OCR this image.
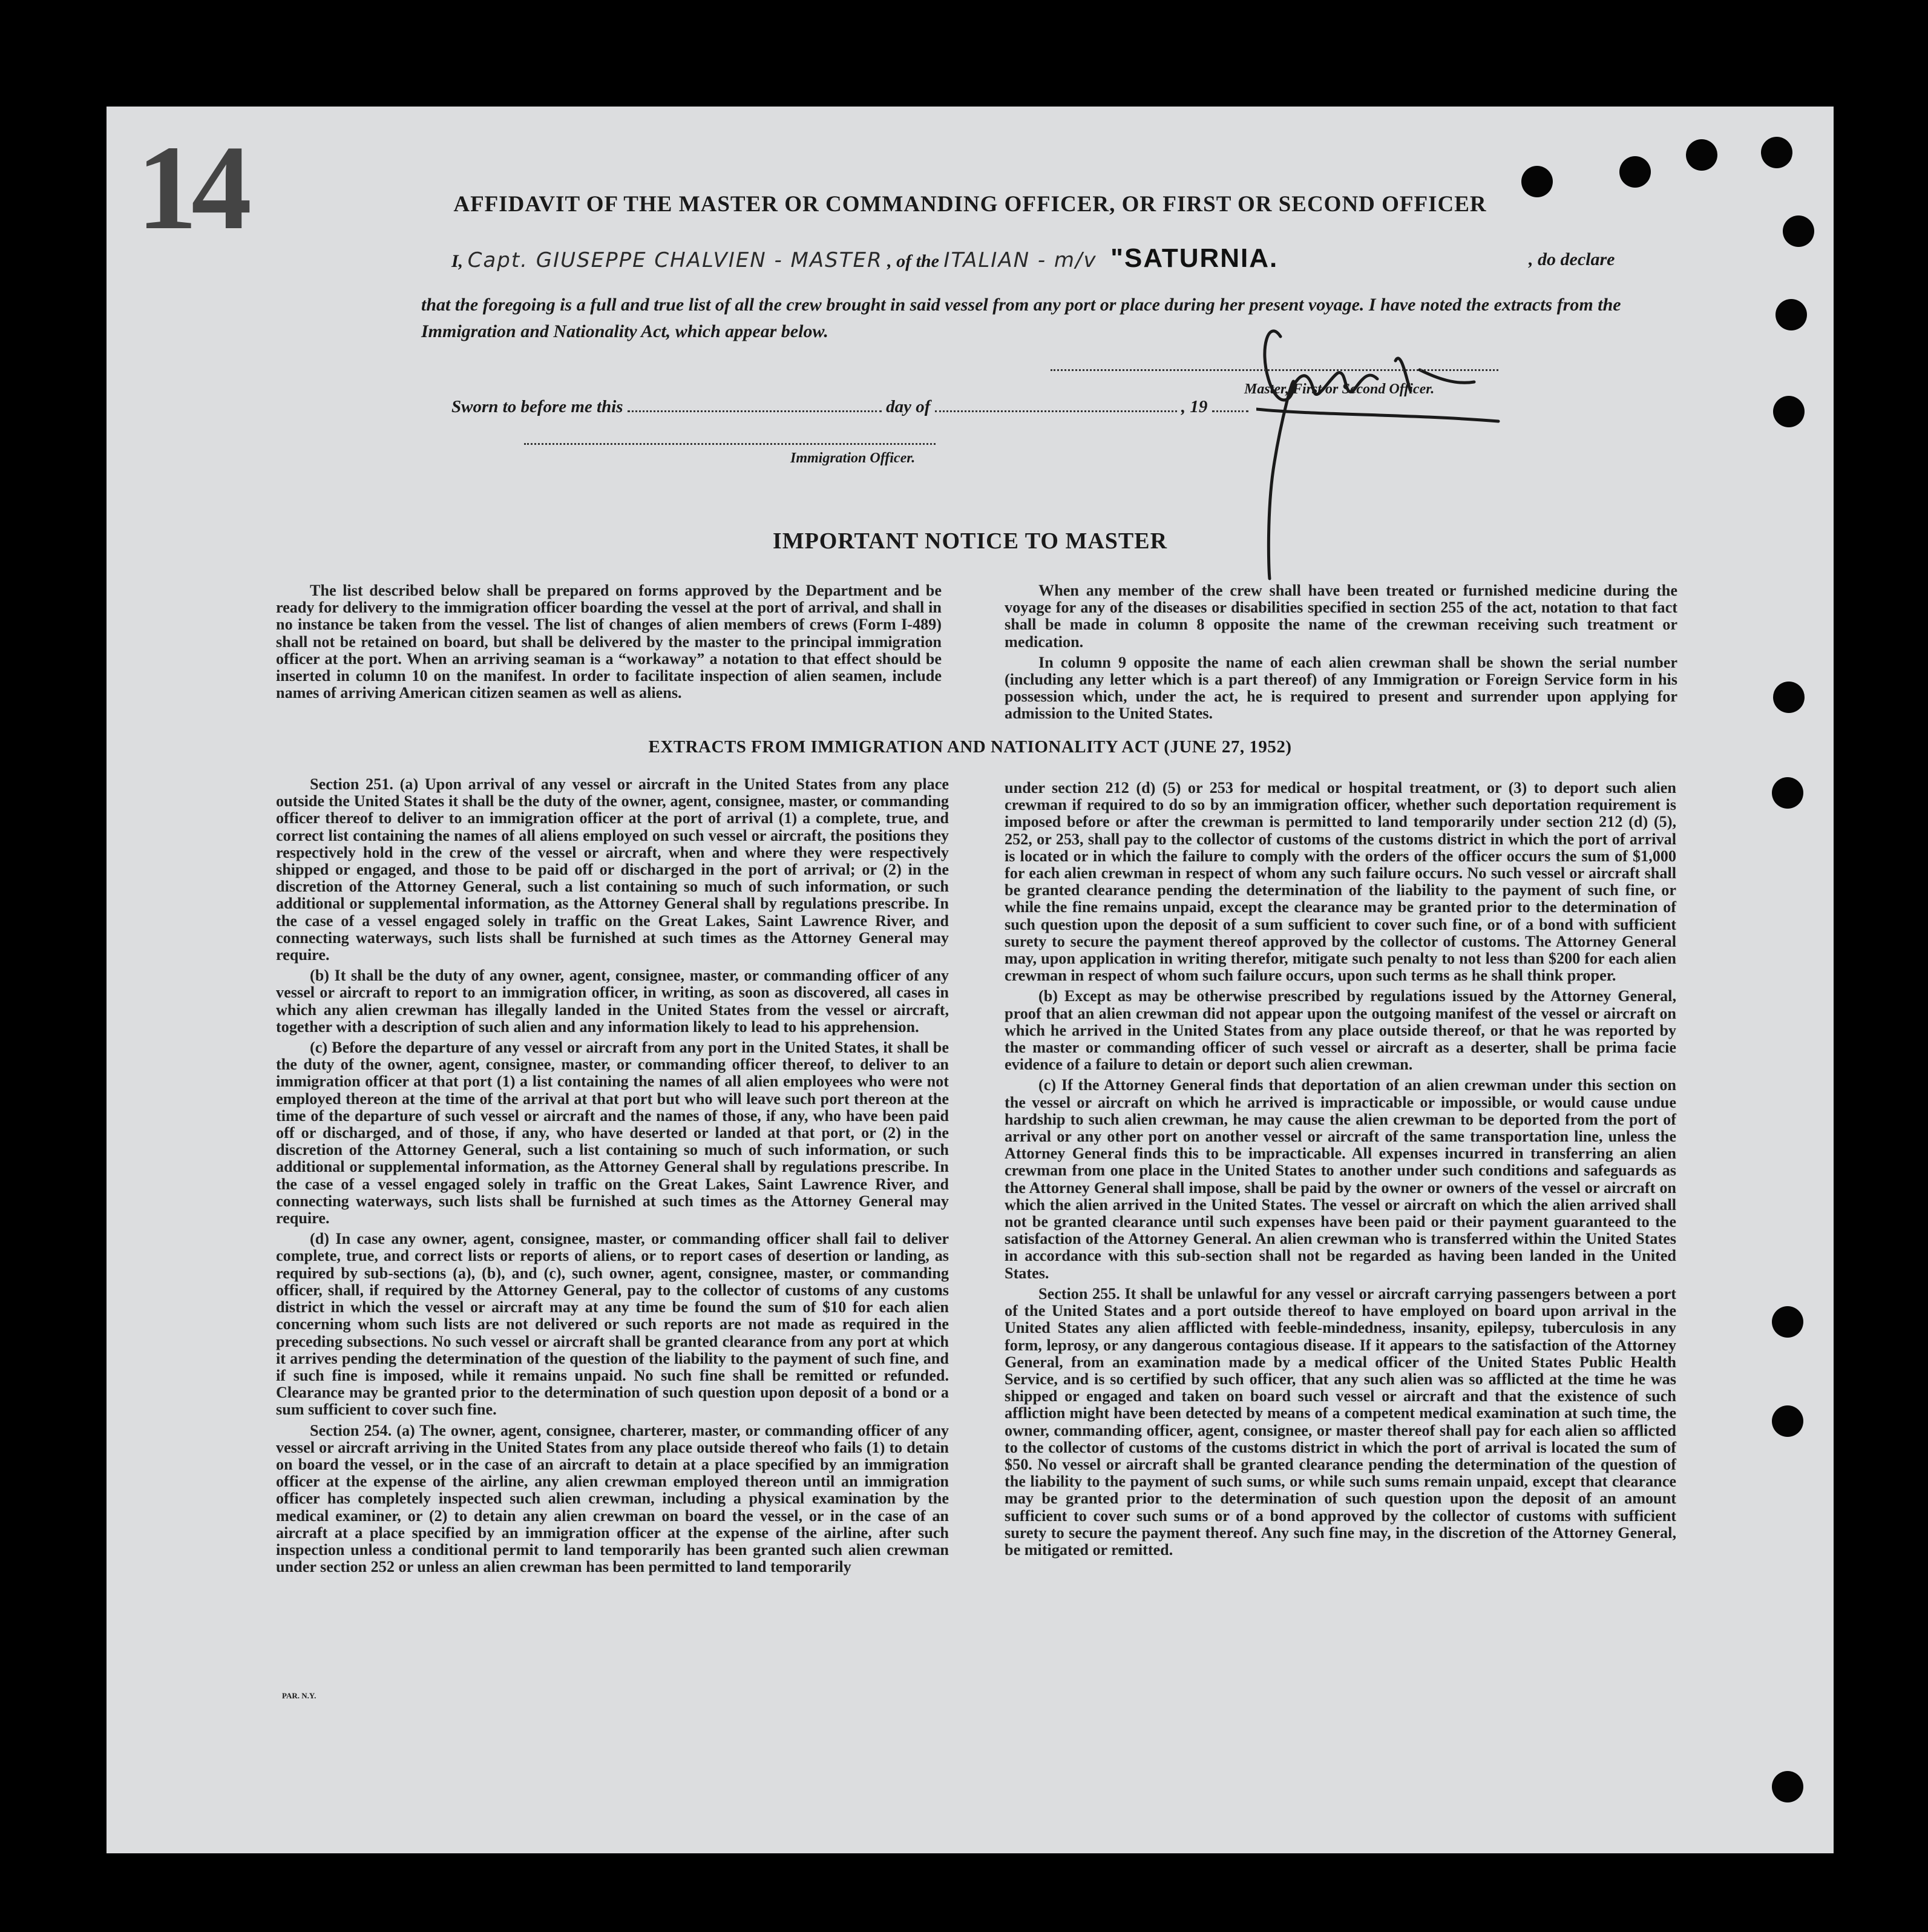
14	AFFIDAVIT OF THE MASTER OR COMMANDING OFFICER, OR FIRST OR SECOND OFFICER
I, Capt. GIUSEPPE CHALVIEN - MASTER , of the ITALIAN - m/v "SATURNIA.	, do declare
that the foregoing is a full and true list of all the crew brought in said vessel from any port or place during her present voyage. I have noted the extracts from the Immigration and Nationality Act, which appear below.
Master, First or Second Officer.
Sworn to before me this	day of	, 19
Immigration Officer.
IMPORTANT NOTICE TO MASTER

The list described below shall be prepared on forms approved by the Department and be ready for delivery to the immigration officer boarding the vessel at the port of arrival, and shall in no instance be taken from the vessel. The list of changes of alien members of crews (Form I-489) shall not be retained on board, but shall be delivered by the master to the principal immigration officer at the port. When an arriving seaman is a “workaway” a notation to that effect should be inserted in column 10 on the manifest. In order to facilitate inspection of alien seamen, include names of arriving American citizen seamen as well as aliens.

When any member of the crew shall have been treated or furnished medicine during the voyage for any of the diseases or disabilities specified in section 255 of the act, notation to that fact shall be made in column 8 opposite the name of the crewman receiving such treatment or medication.

In column 9 opposite the name of each alien crewman shall be shown the serial number (including any letter which is a part thereof) of any Immigration or Foreign Service form in his possession which, under the act, he is required to present and surrender upon applying for admission to the United States.

EXTRACTS FROM IMMIGRATION AND NATIONALITY ACT (JUNE 27, 1952)

Section 251. (a) Upon arrival of any vessel or aircraft in the United States from any place outside the United States it shall be the duty of the owner, agent, consignee, master, or commanding officer thereof to deliver to an immigration officer at the port of arrival (1) a complete, true, and correct list containing the names of all aliens employed on such vessel or aircraft, the positions they respectively hold in the crew of the vessel or aircraft, when and where they were respectively shipped or engaged, and those to be paid off or discharged in the port of arrival; or (2) in the discretion of the Attorney General, such a list containing so much of such information, or such additional or supplemental information, as the Attorney General shall by regulations prescribe. In the case of a vessel engaged solely in traffic on the Great Lakes, Saint Lawrence River, and connecting waterways, such lists shall be furnished at such times as the Attorney General may require.

(b) It shall be the duty of any owner, agent, consignee, master, or commanding officer of any vessel or aircraft to report to an immigration officer, in writing, as soon as discovered, all cases in which any alien crewman has illegally landed in the United States from the vessel or aircraft, together with a description of such alien and any information likely to lead to his apprehension.

(c) Before the departure of any vessel or aircraft from any port in the United States, it shall be the duty of the owner, agent, consignee, master, or commanding officer thereof, to deliver to an immigration officer at that port (1) a list containing the names of all alien employees who were not employed thereon at the time of the arrival at that port but who will leave such port thereon at the time of the departure of such vessel or aircraft and the names of those, if any, who have been paid off or discharged, and of those, if any, who have deserted or landed at that port, or (2) in the discretion of the Attorney General, such a list containing so much of such information, or such additional or supplemental information, as the Attorney General shall by regulations prescribe. In the case of a vessel engaged solely in traffic on the Great Lakes, Saint Lawrence River, and connecting waterways, such lists shall be furnished at such times as the Attorney General may require.

(d) In case any owner, agent, consignee, master, or commanding officer shall fail to deliver complete, true, and correct lists or reports of aliens, or to report cases of desertion or landing, as required by sub-sections (a), (b), and (c), such owner, agent, consignee, master, or commanding officer, shall, if required by the Attorney General, pay to the collector of customs of any customs district in which the vessel or aircraft may at any time be found the sum of $10 for each alien concerning whom such lists are not delivered or such reports are not made as required in the preceding subsections. No such vessel or aircraft shall be granted clearance from any port at which it arrives pending the determination of the question of the liability to the payment of such fine, and if such fine is imposed, while it remains unpaid. No such fine shall be remitted or refunded. Clearance may be granted prior to the determination of such question upon deposit of a bond or a sum sufficient to cover such fine.

Section 254. (a) The owner, agent, consignee, charterer, master, or commanding officer of any vessel or aircraft arriving in the United States from any place outside thereof who fails (1) to detain on board the vessel, or in the case of an aircraft to detain at a place specified by an immigration officer at the expense of the airline, any alien crewman employed thereon until an immigration officer has completely inspected such alien crewman, including a physical examination by the medical examiner, or (2) to detain any alien crewman on board the vessel, or in the case of an aircraft at a place specified by an immigration officer at the expense of the airline, after such inspection unless a conditional permit to land temporarily has been granted such alien crewman under section 252 or unless an alien crewman has been permitted to land temporarily

under section 212 (d) (5) or 253 for medical or hospital treatment, or (3) to deport such alien crewman if required to do so by an immigration officer, whether such deportation requirement is imposed before or after the crewman is permitted to land temporarily under section 212 (d) (5), 252, or 253, shall pay to the collector of customs of the customs district in which the port of arrival is located or in which the failure to comply with the orders of the officer occurs the sum of $1,000 for each alien crewman in respect of whom any such failure occurs. No such vessel or aircraft shall be granted clearance pending the determination of the liability to the payment of such fine, or while the fine remains unpaid, except the clearance may be granted prior to the determination of such question upon the deposit of a sum sufficient to cover such fine, or of a bond with sufficient surety to secure the payment thereof approved by the collector of customs. The Attorney General may, upon application in writing therefor, mitigate such penalty to not less than $200 for each alien crewman in respect of whom such failure occurs, upon such terms as he shall think proper.

(b) Except as may be otherwise prescribed by regulations issued by the Attorney General, proof that an alien crewman did not appear upon the outgoing manifest of the vessel or aircraft on which he arrived in the United States from any place outside thereof, or that he was reported by the master or commanding officer of such vessel or aircraft as a deserter, shall be prima facie evidence of a failure to detain or deport such alien crewman.

(c) If the Attorney General finds that deportation of an alien crewman under this section on the vessel or aircraft on which he arrived is impracticable or impossible, or would cause undue hardship to such alien crewman, he may cause the alien crewman to be deported from the port of arrival or any other port on another vessel or aircraft of the same transportation line, unless the Attorney General finds this to be impracticable. All expenses incurred in transferring an alien crewman from one place in the United States to another under such conditions and safeguards as the Attorney General shall impose, shall be paid by the owner or owners of the vessel or aircraft on which the alien arrived in the United States. The vessel or aircraft on which the alien arrived shall not be granted clearance until such expenses have been paid or their payment guaranteed to the satisfaction of the Attorney General. An alien crewman who is transferred within the United States in accordance with this sub-section shall not be regarded as having been landed in the United States.

Section 255. It shall be unlawful for any vessel or aircraft carrying passengers between a port of the United States and a port outside thereof to have employed on board upon arrival in the United States any alien afflicted with feeble-mindedness, insanity, epilepsy, tuberculosis in any form, leprosy, or any dangerous contagious disease. If it appears to the satisfaction of the Attorney General, from an examination made by a medical officer of the United States Public Health Service, and is so certified by such officer, that any such alien was so afflicted at the time he was shipped or engaged and taken on board such vessel or aircraft and that the existence of such affliction might have been detected by means of a competent medical examination at such time, the owner, commanding officer, agent, consignee, or master thereof shall pay for each alien so afflicted to the collector of customs of the customs district in which the port of arrival is located the sum of $50. No vessel or aircraft shall be granted clearance pending the determination of the question of the liability to the payment of such sums, or while such sums remain unpaid, except that clearance may be granted prior to the determination of such question upon the deposit of an amount sufficient to cover such sums or of a bond approved by the collector of customs with sufficient surety to secure the payment thereof. Any such fine may, in the discretion of the Attorney General, be mitigated or remitted.

PAR. N.Y.
